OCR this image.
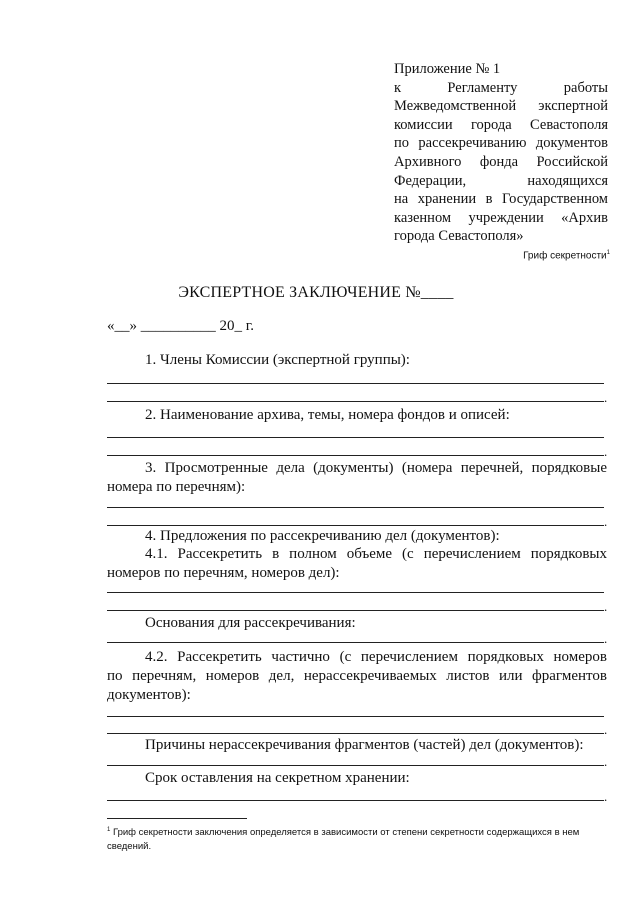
Приложение № 1
к Регламенту работы
Межведомственной экспертной
комиссии города Севастополя
по рассекречиванию документов
Архивного фонда Российской
Федерации, находящихся
на хранении в Государственном
казенном учреждении «Архив
города Севастополя»
Гриф секретности$^1$
ЭКСПЕРТНОЕ ЗАКЛЮЧЕНИЕ №____
«__» __________ 20_ г.
1. Члены Комиссии (экспертной группы):
.
2. Наименование архива, темы, номера фондов и описей:
.
3. Просмотренные дела (документы) (номера перечней, порядковые
номера по перечням):
.
4. Предложения по рассекречиванию дел (документов):
4.1. Рассекретить в полном объеме (с перечислением порядковых
номеров по перечням, номеров дел):
.
Основания для рассекречивания:
.
4.2. Рассекретить частично (с перечислением порядковых номеров
по перечням, номеров дел, нерассекречиваемых листов или фрагментов
документов):
.
Причины нерассекречивания фрагментов (частей) дел (документов):
.
Срок оставления на секретном хранении:
.
$^1$ Гриф секретности заключения определяется в зависимости от степени секретности содержащихся в нем
сведений.
